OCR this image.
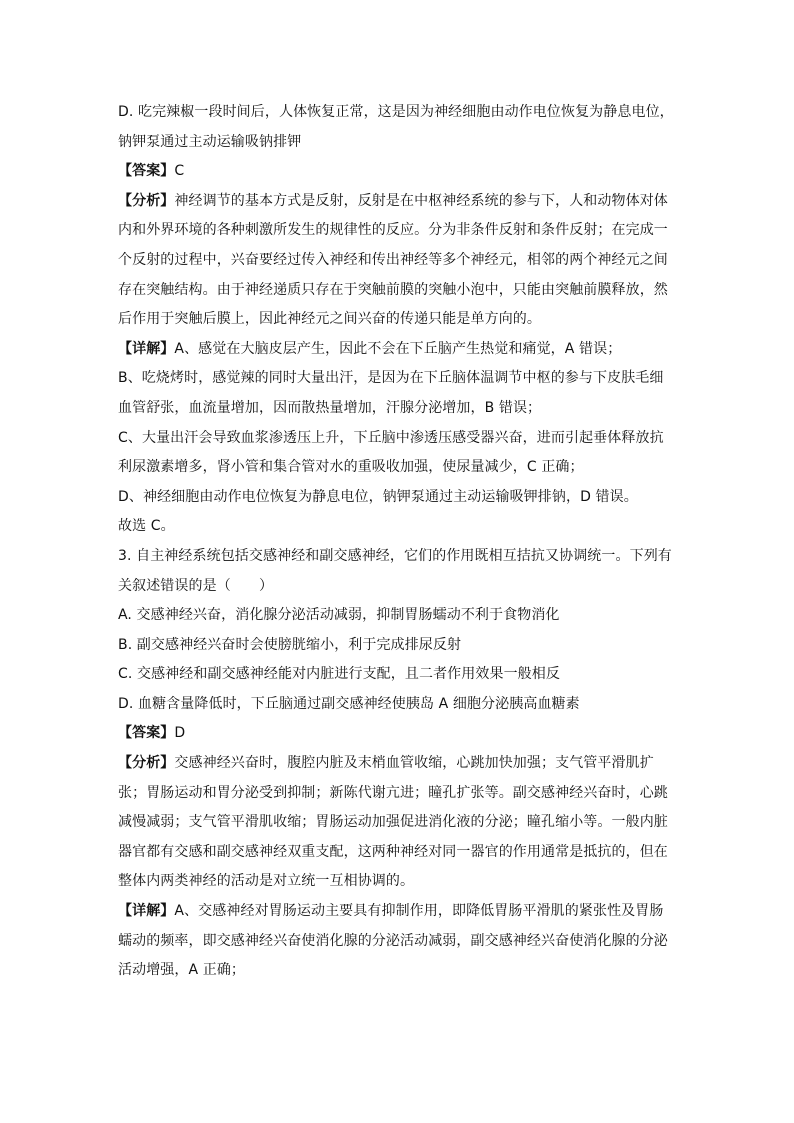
D. 吃完辣椒一段时间后，人体恢复正常，这是因为神经细胞由动作电位恢复为静息电位，
钠钾泵通过主动运输吸钠排钾
【答案】C
【分析】神经调节的基本方式是反射，反射是在中枢神经系统的参与下，人和动物体对体
内和外界环境的各种刺激所发生的规律性的反应。分为非条件反射和条件反射；在完成一
个反射的过程中，兴奋要经过传入神经和传出神经等多个神经元，相邻的两个神经元之间
存在突触结构。由于神经递质只存在于突触前膜的突触小泡中，只能由突触前膜释放，然
后作用于突触后膜上，因此神经元之间兴奋的传递只能是单方向的。
【详解】A、感觉在大脑皮层产生，因此不会在下丘脑产生热觉和痛觉，A 错误；
B、吃烧烤时，感觉辣的同时大量出汗，是因为在下丘脑体温调节中枢的参与下皮肤毛细
血管舒张，血流量增加，因而散热量增加，汗腺分泌增加，B 错误；
C、大量出汗会导致血浆渗透压上升，下丘脑中渗透压感受器兴奋，进而引起垂体释放抗
利尿激素增多，肾小管和集合管对水的重吸收加强，使尿量减少，C 正确；
D、神经细胞由动作电位恢复为静息电位，钠钾泵通过主动运输吸钾排钠，D 错误。
故选 C。
3. 自主神经系统包括交感神经和副交感神经，它们的作用既相互拮抗又协调统一。下列有
关叙述错误的是（　　）
A. 交感神经兴奋，消化腺分泌活动减弱，抑制胃肠蠕动不利于食物消化
B. 副交感神经兴奋时会使膀胱缩小，利于完成排尿反射
C. 交感神经和副交感神经能对内脏进行支配，且二者作用效果一般相反
D. 血糖含量降低时，下丘脑通过副交感神经使胰岛 A 细胞分泌胰高血糖素
【答案】D
【分析】交感神经兴奋时，腹腔内脏及末梢血管收缩，心跳加快加强；支气管平滑肌扩
张；胃肠运动和胃分泌受到抑制；新陈代谢亢进；瞳孔扩张等。副交感神经兴奋时，心跳
减慢减弱；支气管平滑肌收缩；胃肠运动加强促进消化液的分泌；瞳孔缩小等。一般内脏
器官都有交感和副交感神经双重支配，这两种神经对同一器官的作用通常是抵抗的，但在
整体内两类神经的活动是对立统一互相协调的。
【详解】A、交感神经对胃肠运动主要具有抑制作用，即降低胃肠平滑肌的紧张性及胃肠
蠕动的频率，即交感神经兴奋使消化腺的分泌活动减弱，副交感神经兴奋使消化腺的分泌
活动增强，A 正确；
